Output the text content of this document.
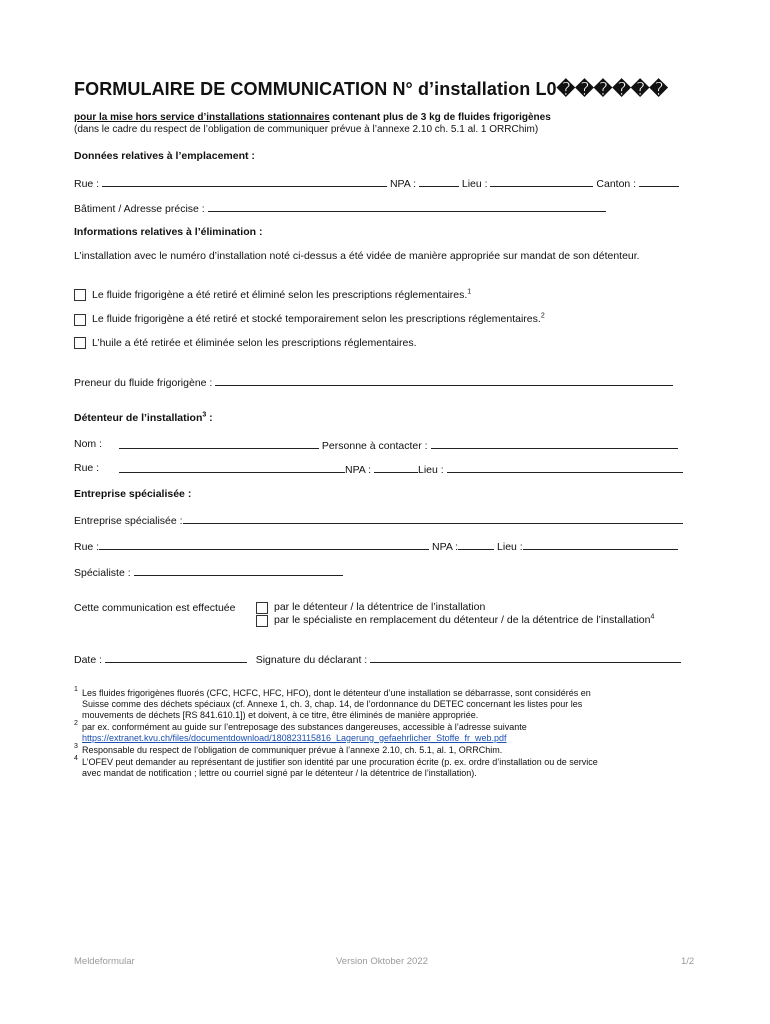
FORMULAIRE DE COMMUNICATION N° d’installation L0������
pour la mise hors service d’installations stationnaires contenant plus de 3 kg de fluides frigorigènes
(dans le cadre du respect de l’obligation de communiquer prévue à l’annexe 2.10 ch. 5.1 al. 1 ORRChim)
Données relatives à l’emplacement :
Rue :	NPA :	Lieu :	Canton :
Bâtiment / Adresse précise :
Informations relatives à l’élimination :
L’installation avec le numéro d’installation noté ci-dessus a été vidée de manière appropriée sur mandat de son détenteur.
Le fluide frigorigène a été retiré et éliminé selon les prescriptions réglementaires.$^1$
Le fluide frigorigène a été retiré et stocké temporairement selon les prescriptions réglementaires.$^2$
L’huile a été retirée et éliminée selon les prescriptions réglementaires.
Preneur du fluide frigorigène :
Détenteur de l’installation$^3$ :
Nom :	Personne à contacter :
Rue :	NPA :	Lieu :
Entreprise spécialisée :
Entreprise spécialisée :
Rue :	NPA :	Lieu :
Spécialiste :
Cette communication est effectuée	par le détenteur / la détentrice de l’installation
par le spécialiste en remplacement du détenteur / de la détentrice de l’installation$^4$
Date :	Signature du déclarant :
1 Les fluides frigorigènes fluorés (CFC, HCFC, HFC, HFO), dont le détenteur d’une installation se débarrasse, sont considérés en
Suisse comme des déchets spéciaux (cf. Annexe 1, ch. 3, chap. 14, de l’ordonnance du DETEC concernant les listes pour les
mouvements de déchets [RS 841.610.1]) et doivent, à ce titre, être éliminés de manière appropriée.
2 par ex. conformément au guide sur l’entreposage des substances dangereuses, accessible à l’adresse suivante
https://extranet.kvu.ch/files/documentdownload/180823115816_Lagerung_gefaehrlicher_Stoffe_fr_web.pdf
3 Responsable du respect de l’obligation de communiquer prévue à l’annexe 2.10, ch. 5.1, al. 1, ORRChim.
4 L’OFEV peut demander au représentant de justifier son identité par une procuration écrite (p. ex. ordre d’installation ou de service
avec mandat de notification ; lettre ou courriel signé par le détenteur / la détentrice de l’installation).
Meldeformular	Version Oktober 2022	1/2
